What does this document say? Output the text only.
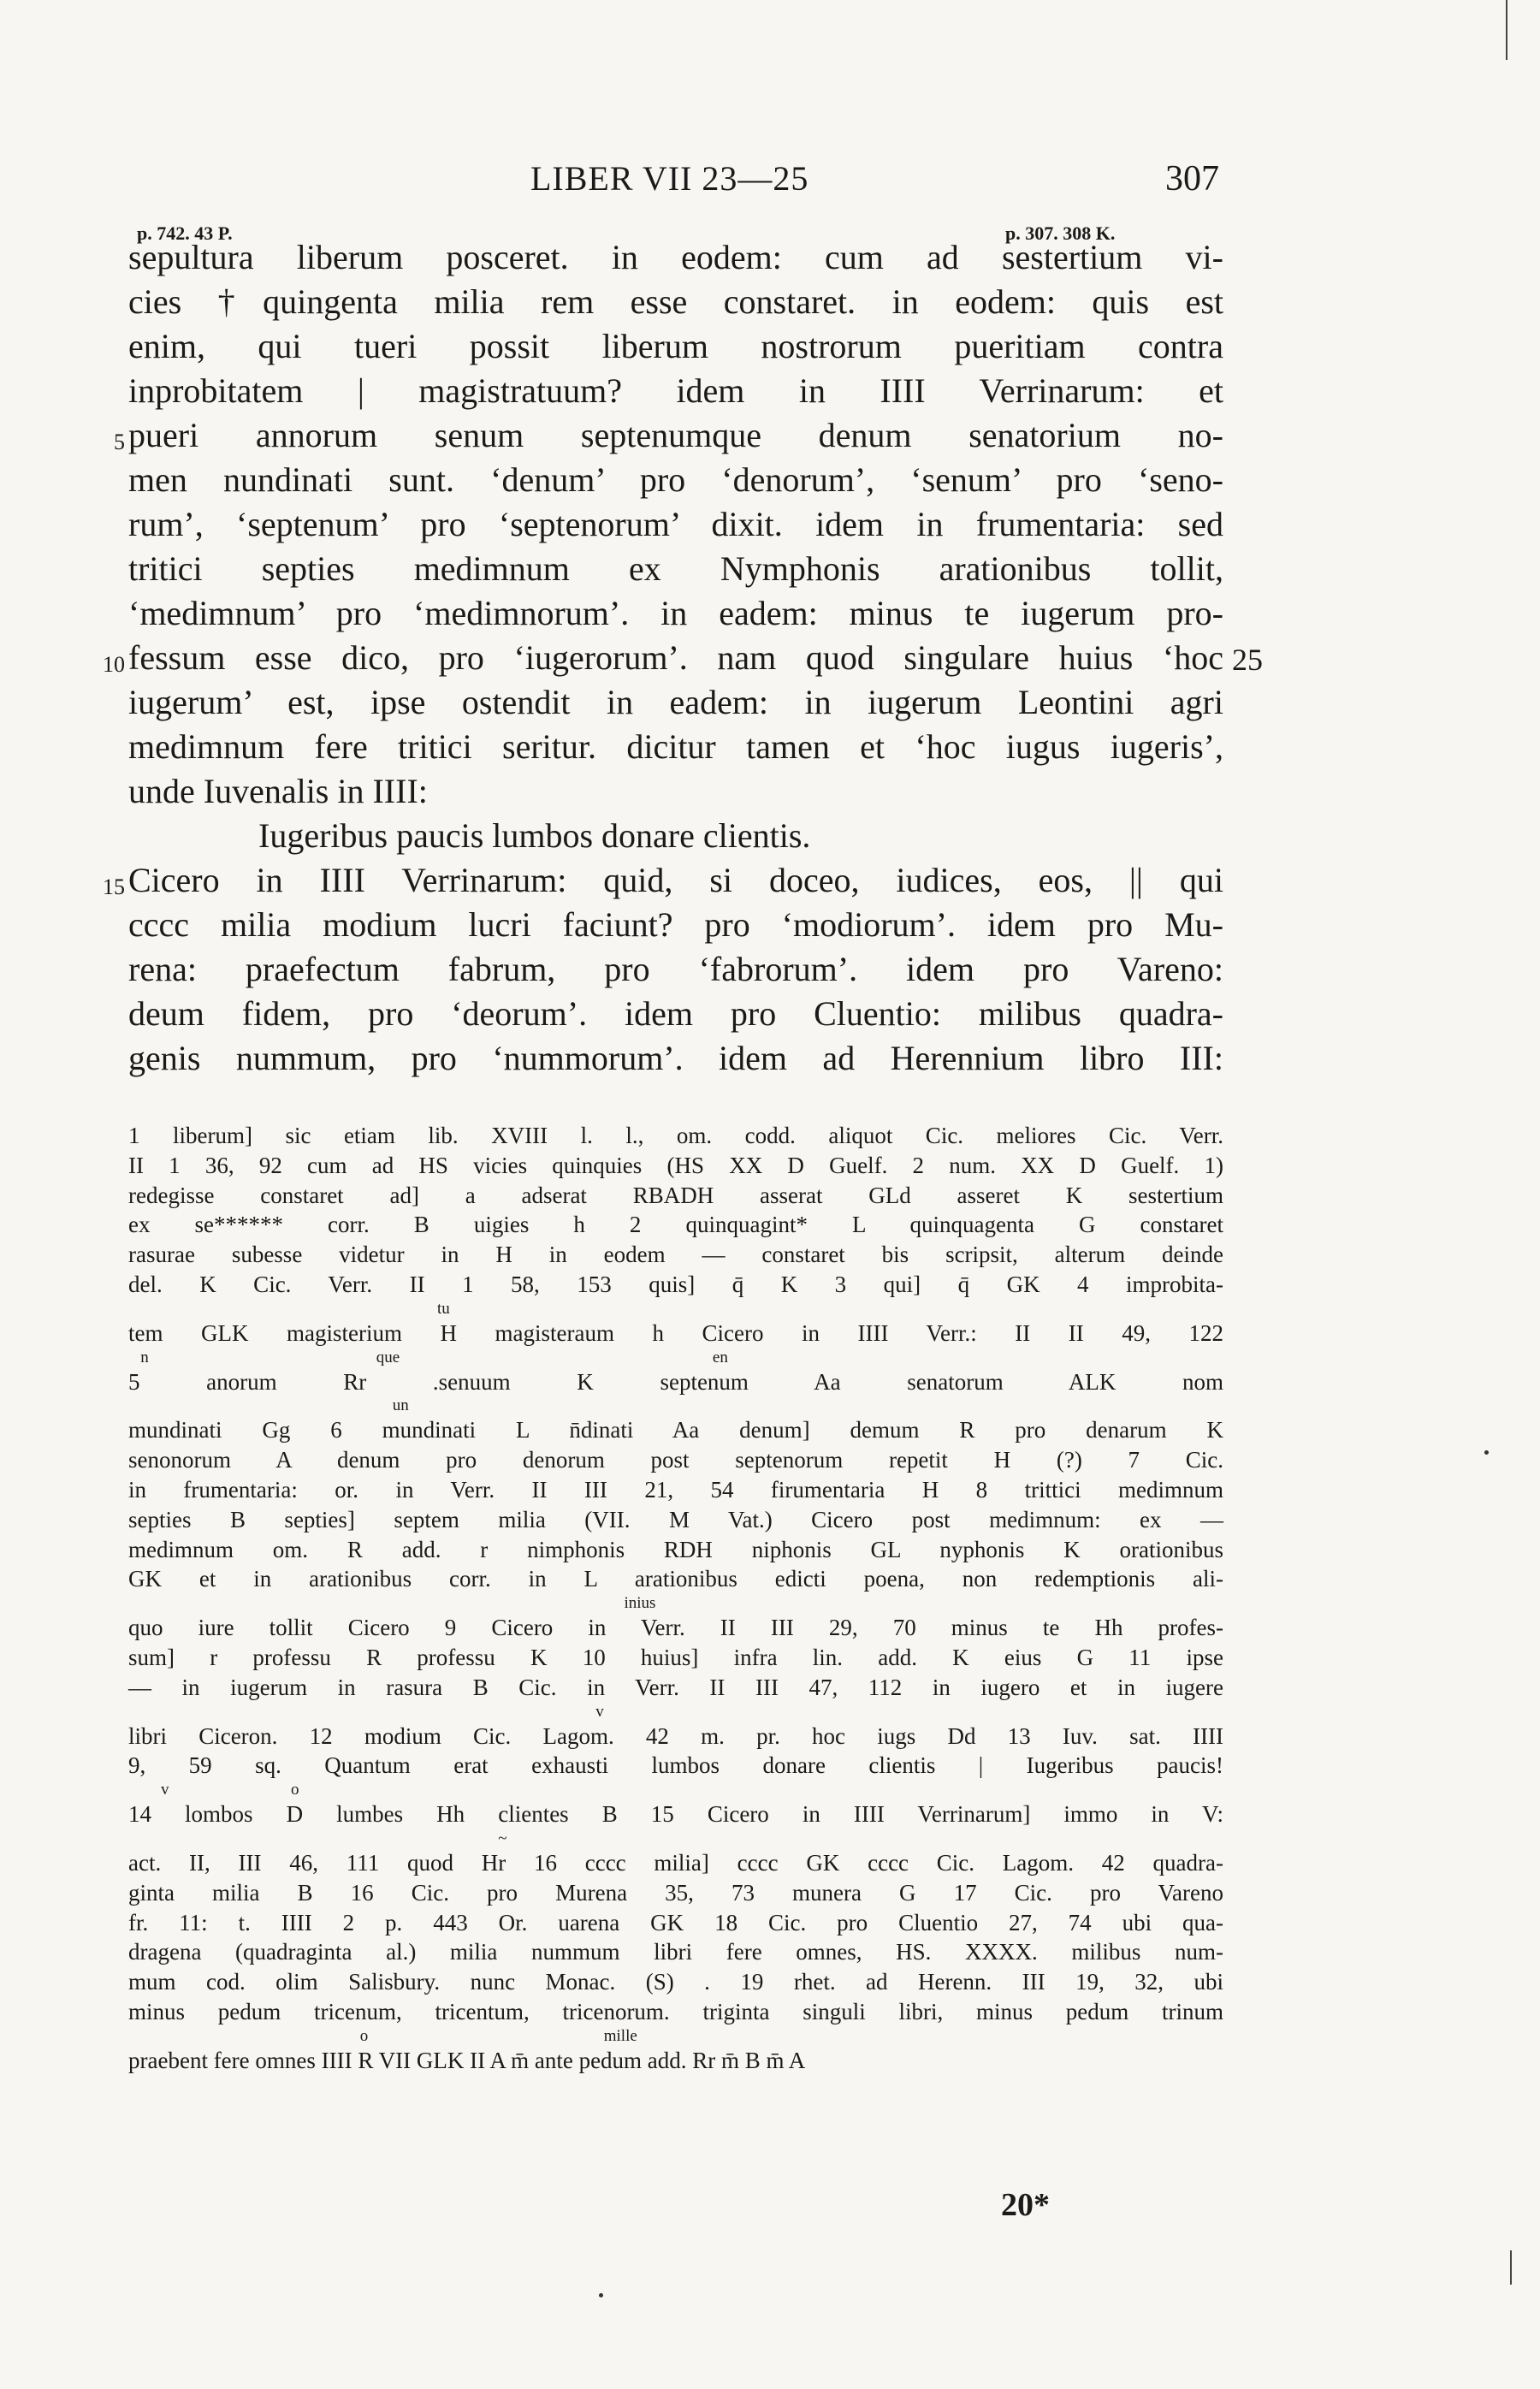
LIBER VII 23—25	307
p. 742. 43 P.	p. 307. 308 K.
sepultura liberum posceret. in eodem: cum ad sestertium vi-
cies †quingenta milia rem esse constaret. in eodem: quis est
enim, qui tueri possit liberum nostrorum pueritiam contra
inprobitatem | magistratuum? idem in IIII Verrinarum: et
5 pueri annorum senum septenumque denum senatorium no-
men nundinati sunt. ‘denum’ pro ‘denorum’, ‘senum’ pro ‘seno-
rum’, ‘septenum’ pro ‘septenorum’ dixit. idem in frumentaria: sed
tritici septies medimnum ex Nymphonis arationibus tollit,
‘medimnum’ pro ‘medimnorum’. in eadem: minus te iugerum pro-
10 fessum esse dico, pro ‘iugerorum’. nam quod singulare huius ‘hoc 25
iugerum’ est, ipse ostendit in eadem: in iugerum Leontini agri
medimnum fere tritici seritur. dicitur tamen et ‘hoc iugus iugeris’,
unde Iuvenalis in IIII:
Iugeribus paucis lumbos donare clientis.
15 Cicero in IIII Verrinarum: quid, si doceo, iudices, eos, || qui
cccc milia modium lucri faciunt? pro ‘modiorum’. idem pro Mu-
rena: praefectum fabrum, pro ‘fabrorum’. idem pro Vareno:
deum fidem, pro ‘deorum’. idem pro Cluentio: milibus quadra-
genis nummum, pro ‘nummorum’. idem ad Herennium libro III:
1 liberum] sic etiam lib. XVIII l. l., om. codd. aliquot Cic. meliores Cic. Verr.
II 1 36, 92 cum ad HS vicies quinquies (HS XX D Guelf. 2 num. XX D Guelf. 1)
redegisse constaret ad] a adserat RBADH asserat GLd asseret K sestertium
ex se****** corr. B uigies h 2 quinquagint* L quinquagenta G constaret
rasurae subesse videtur in H in eodem — constaret bis scripsit, alterum deinde
del. K Cic. Verr. II 1 58, 153 quis] q̄ K 3 qui] q̄ GK 4 improbita-
tu
tem GLK magisterium H magisteraum h Cicero in IIII Verr.: II II 49, 122
n                                                        que                                                                             en
5 anorum Rr .senuum K septenum Aa senatorum ALK nom
un
mundinati Gg 6 mundinati L n̄dinati Aa denum] demum R pro denarum K
senonorum A denum pro denorum post septenorum repetit H (?) 7 Cic.
in frumentaria: or. in Verr. II III 21, 54 firumentaria H 8 trittici medimnum
septies B septies] septem milia (VII. M Vat.) Cicero post medimnum: ex —
medimnum om. R add. r nimphonis RDH niphonis GL nyphonis K orationibus
GK et in arationibus corr. in L arationibus edicti poena, non redemptionis ali-
inius
quo iure tollit Cicero 9 Cicero in Verr. II III 29, 70 minus te Hh profes-
sum] r professu R professu K 10 huius] infra lin. add. K eius G 11 ipse
— in iugerum in rasura B Cic. in Verr. II III 47, 112 in iugero et in iugere
v
libri Ciceron. 12 modium Cic. Lagom. 42 m. pr. hoc iugs Dd 13 Iuv. sat. IIII
9, 59 sq. Quantum erat exhausti lumbos donare clientis | Iugeribus paucis!
v                              o
14 lombos D lumbes Hh clientes B 15 Cicero in IIII Verrinarum] immo in V:
~
act. II, III 46, 111 quod Hr 16 cccc milia] cccc GK cccc Cic. Lagom. 42 quadra-
ginta milia B 16 Cic. pro Murena 35, 73 munera G 17 Cic. pro Vareno
fr. 11: t. IIII 2 p. 443 Or. uarena GK 18 Cic. pro Cluentio 27, 74 ubi qua-
dragena (quadraginta al.) milia nummum libri fere omnes, HS. XXXX. milibus num-
mum cod. olim Salisbury. nunc Monac. (S) . 19 rhet. ad Herenn. III 19, 32, ubi
minus pedum tricenum, tricentum, tricenorum. triginta singuli libri, minus pedum trinum
o                                                          mille
praebent fere omnes IIII R VII GLK II A m̄ ante pedum add. Rr m̄ B m̄ A
20*
